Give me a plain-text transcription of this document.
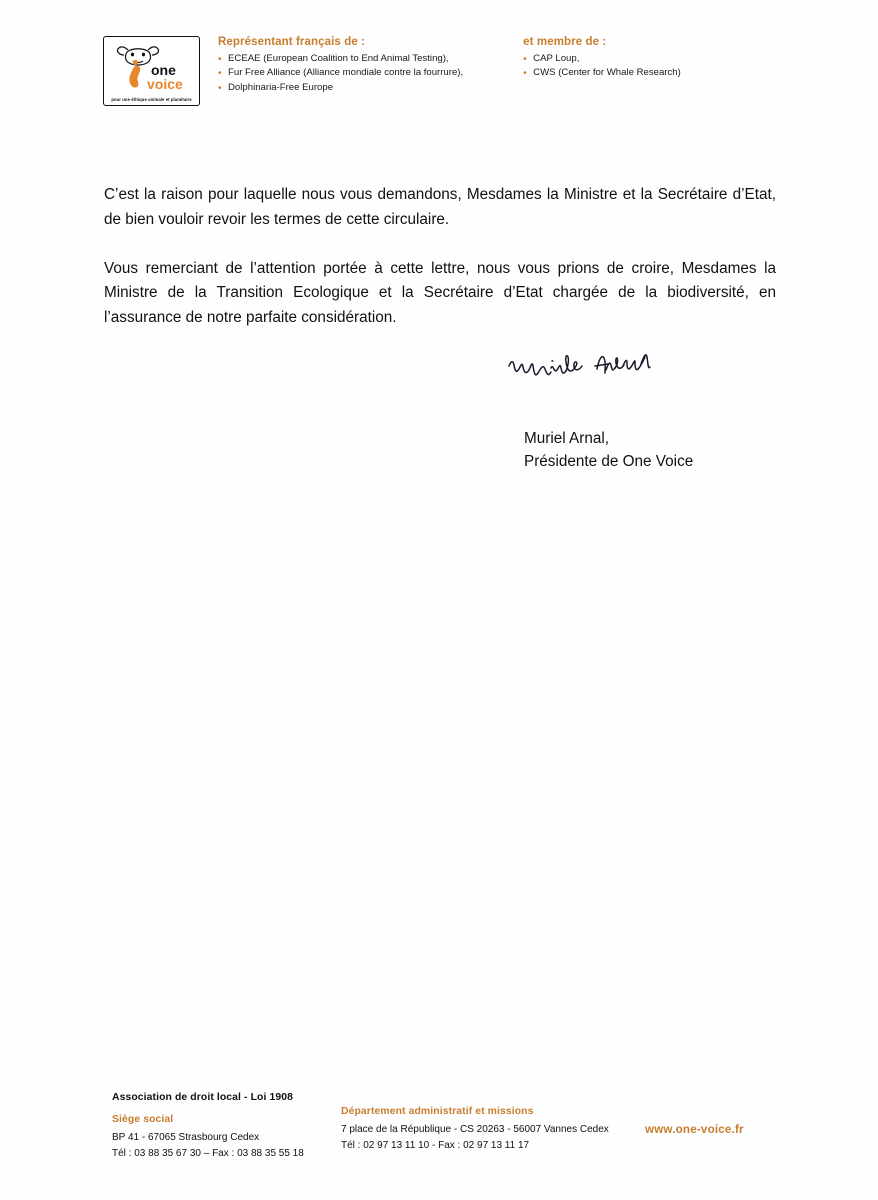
one
voice
pour une éthique animale et planétaire

Représentant français de :

• ECEAE (European Coalition to End Animal Testing),
• Fur Free Alliance (Alliance mondiale contre la fourrure),
• Dolphinaria-Free Europe

et membre de :

• CAP Loup,
• CWS (Center for Whale Research)

C’est la raison pour laquelle nous vous demandons, Mesdames la Ministre et la Secrétaire d’Etat, de bien vouloir revoir les termes de cette circulaire.

Vous remerciant de l’attention portée à cette lettre, nous vous prions de croire, Mesdames la Ministre de la Transition Ecologique et la Secrétaire d’Etat chargée de la biodiversité, en l’assurance de notre parfaite considération.

Muriel Arnal,
Présidente de One Voice
Association de droit local - Loi 1908
Siège social
BP 41 - 67065 Strasbourg Cedex
Tél : 03 88 35 67 30 – Fax : 03 88 35 55 18
Département administratif et missions
7 place de la République - CS 20263 - 56007 Vannes Cedex
Tél : 02 97 13 11 10 - Fax : 02 97 13 11 17
www.one-voice.fr
